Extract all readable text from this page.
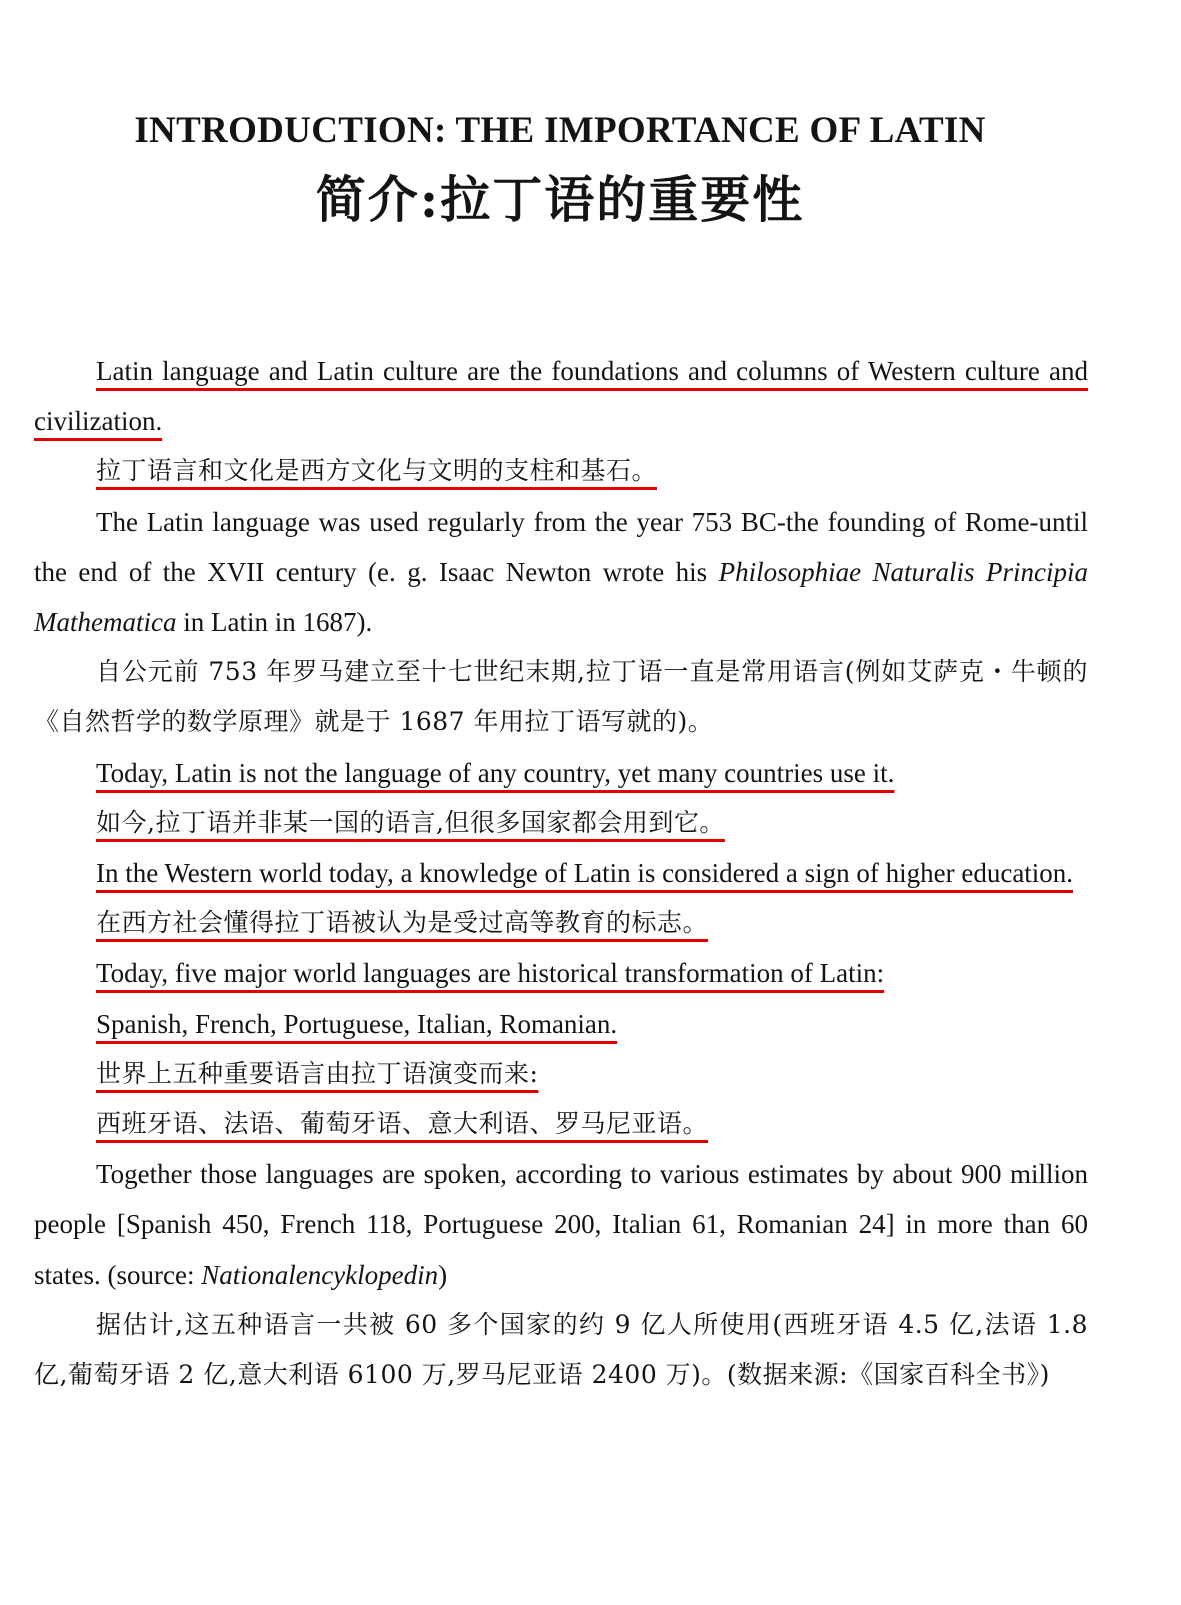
INTRODUCTION: THE IMPORTANCE OF LATIN
简介:拉丁语的重要性

Latin language and Latin culture are the foundations and columns of Western culture and civilization.

拉丁语言和文化是西方文化与文明的支柱和基石。

The Latin language was used regularly from the year 753 BC-the founding of Rome-until the end of the XVII century (e. g. Isaac Newton wrote his Philosophiae Naturalis Principia Mathematica in Latin in 1687).

自公元前 753 年罗马建立至十七世纪末期,拉丁语一直是常用语言(例如艾萨克・牛顿的《自然哲学的数学原理》就是于 1687 年用拉丁语写就的)。

Today, Latin is not the language of any country, yet many countries use it.

如今,拉丁语并非某一国的语言,但很多国家都会用到它。

In the Western world today, a knowledge of Latin is considered a sign of higher education.

在西方社会懂得拉丁语被认为是受过高等教育的标志。

Today, five major world languages are historical transformation of Latin:

Spanish, French, Portuguese, Italian, Romanian.

世界上五种重要语言由拉丁语演变而来:

西班牙语、法语、葡萄牙语、意大利语、罗马尼亚语。

Together those languages are spoken, according to various estimates by about 900 million people [Spanish 450, French 118, Portuguese 200, Italian 61, Romanian 24] in more than 60 states. (source: Nationalencyklopedin)

据估计,这五种语言一共被 60 多个国家的约 9 亿人所使用(西班牙语 4.5 亿,法语 1.8 亿,葡萄牙语 2 亿,意大利语 6100 万,罗马尼亚语 2400 万)。(数据来源:《国家百科全书》)
